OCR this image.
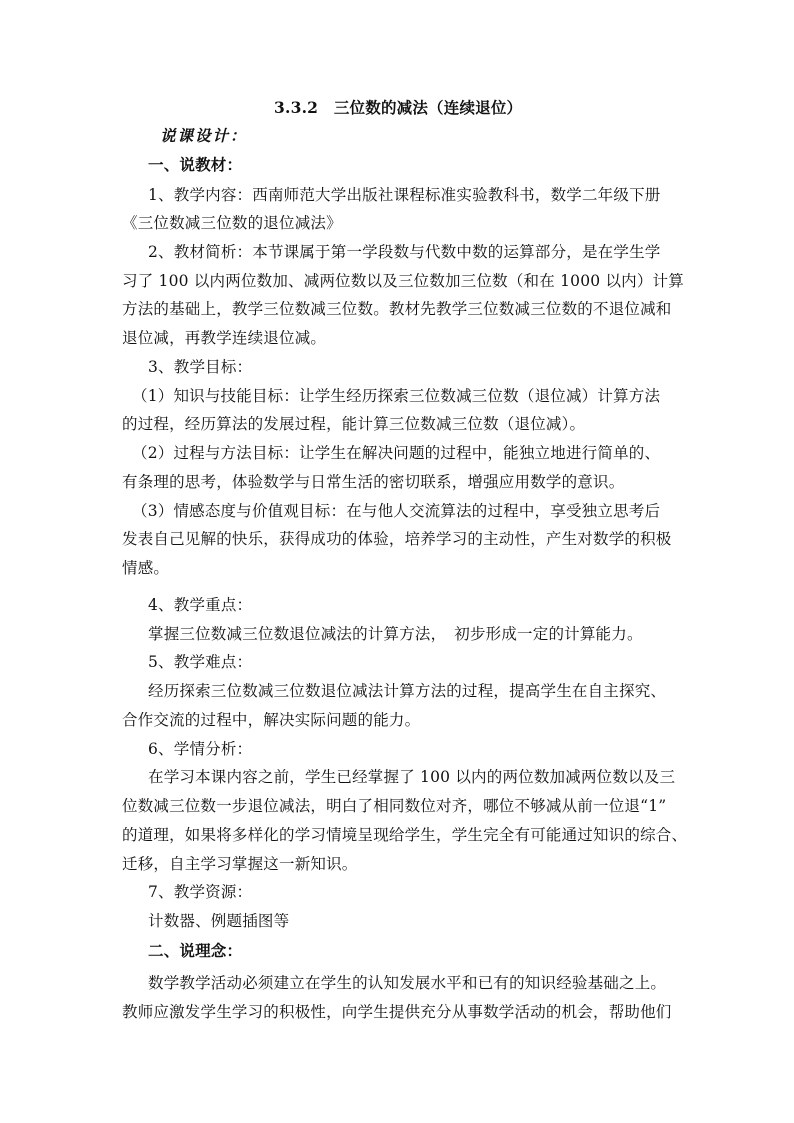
3.3.2　三位数的减法（连续退位）
说课设计：
一、说教材：
1、教学内容：西南师范大学出版社课程标准实验教科书，数学二年级下册
《三位数减三位数的退位减法》
2、教材简析：本节课属于第一学段数与代数中数的运算部分，是在学生学
习了 100 以内两位数加、减两位数以及三位数加三位数（和在 1000 以内）计算
方法的基础上，教学三位数减三位数。教材先教学三位数减三位数的不退位减和
退位减，再教学连续退位减。
3、教学目标：
（1）知识与技能目标：让学生经历探索三位数减三位数（退位减）计算方法
的过程，经历算法的发展过程，能计算三位数减三位数（退位减）。
（2）过程与方法目标：让学生在解决问题的过程中，能独立地进行简单的、
有条理的思考，体验数学与日常生活的密切联系，增强应用数学的意识。
（3）情感态度与价值观目标：在与他人交流算法的过程中，享受独立思考后
发表自己见解的快乐，获得成功的体验，培养学习的主动性，产生对数学的积极
情感。
4、教学重点：
掌握三位数减三位数退位减法的计算方法，　初步形成一定的计算能力。
5、教学难点：
经历探索三位数减三位数退位减法计算方法的过程，提高学生在自主探究、
合作交流的过程中，解决实际问题的能力。
6、学情分析：
在学习本课内容之前，学生已经掌握了 100 以内的两位数加减两位数以及三
位数减三位数一步退位减法，明白了相同数位对齐，哪位不够减从前一位退“1”
的道理，如果将多样化的学习情境呈现给学生，学生完全有可能通过知识的综合、
迁移，自主学习掌握这一新知识。
7、教学资源：
计数器、例题插图等
二、说理念：
数学教学活动必须建立在学生的认知发展水平和已有的知识经验基础之上。
教师应激发学生学习的积极性，向学生提供充分从事数学活动的机会，帮助他们
